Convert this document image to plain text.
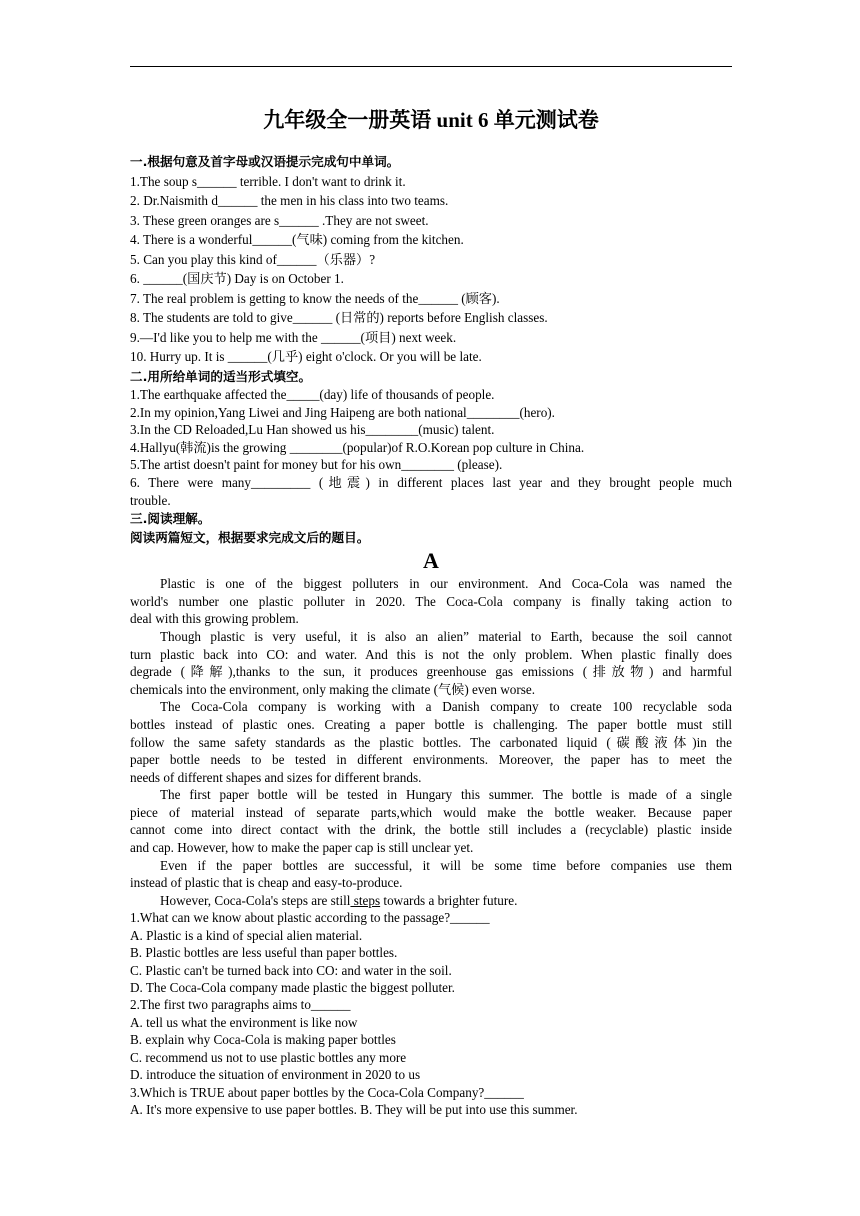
九年级全一册英语 unit 6 单元测试卷
一.根据句意及首字母或汉语提示完成句中单词。
1.The soup s______ terrible. I don't want to drink it.
2. Dr.Naismith d______ the men in his class into two teams.
3. These green oranges are s______ .They are not sweet.
4. There is a wonderful______(气味) coming from the kitchen.
5. Can you play this kind of______（乐器）?
6. ______(国庆节) Day is on October 1.
7. The real problem is getting to know the needs of the______ (顾客).
8. The students are told to give______ (日常的) reports before English classes.
9.—I'd like you to help me with the ______(项目) next week.
10. Hurry up. It is ______(几乎) eight o'clock. Or you will be late.
二.用所给单词的适当形式填空。
1.The earthquake affected the_____(day) life of thousands of people.
2.In my opinion,Yang Liwei and Jing Haipeng are both national________(hero).
3.In the CD Reloaded,Lu Han showed us his________(music) talent.
4.Hallyu(韩流)is the growing ________(popular)of R.O.Korean pop culture in China.
5.The artist doesn't paint for money but for his own________ (please).
6. There were many_________ (地震) in different places last year and they brought people much
trouble.
三.阅读理解。
阅读两篇短文，根据要求完成文后的题目。
A
Plastic is one of the biggest polluters in our environment. And Coca-Cola was named the
world's number one plastic polluter in 2020. The Coca-Cola company is finally taking action to
deal with this growing problem.
Though plastic is very useful, it is also an alien” material to Earth, because the soil cannot
turn plastic back into CO: and water. And this is not the only problem. When plastic finally does
degrade (降解),thanks to the sun, it produces greenhouse gas emissions (排放物) and harmful
chemicals into the environment, only making the climate (气候) even worse.
The Coca-Cola company is working with a Danish company to create 100 recyclable soda
bottles instead of plastic ones. Creating a paper bottle is challenging. The paper bottle must still
follow the same safety standards as the plastic bottles. The carbonated liquid (碳酸液体)in the
paper bottle needs to be tested in different environments. Moreover, the paper has to meet the
needs of different shapes and sizes for different brands.
The first paper bottle will be tested in Hungary this summer. The bottle is made of a single
piece of material instead of separate parts,which would make the bottle weaker. Because paper
cannot come into direct contact with the drink, the bottle still includes a (recyclable) plastic inside
and cap. However, how to make the paper cap is still unclear yet.
Even if the paper bottles are successful, it will be some time before companies use them
instead of plastic that is cheap and easy-to-produce.
However, Coca-Cola's steps are still steps towards a brighter future.
1.What can we know about plastic according to the passage?______
A. Plastic is a kind of special alien material.
B. Plastic bottles are less useful than paper bottles.
C. Plastic can't be turned back into CO: and water in the soil.
D. The Coca-Cola company made plastic the biggest polluter.
2.The first two paragraphs aims to______
A. tell us what the environment is like now
B. explain why Coca-Cola is making paper bottles
C. recommend us not to use plastic bottles any more
D. introduce the situation of environment in 2020 to us
3.Which is TRUE about paper bottles by the Coca-Cola Company?______
A. It's more expensive to use paper bottles. B. They will be put into use this summer.
